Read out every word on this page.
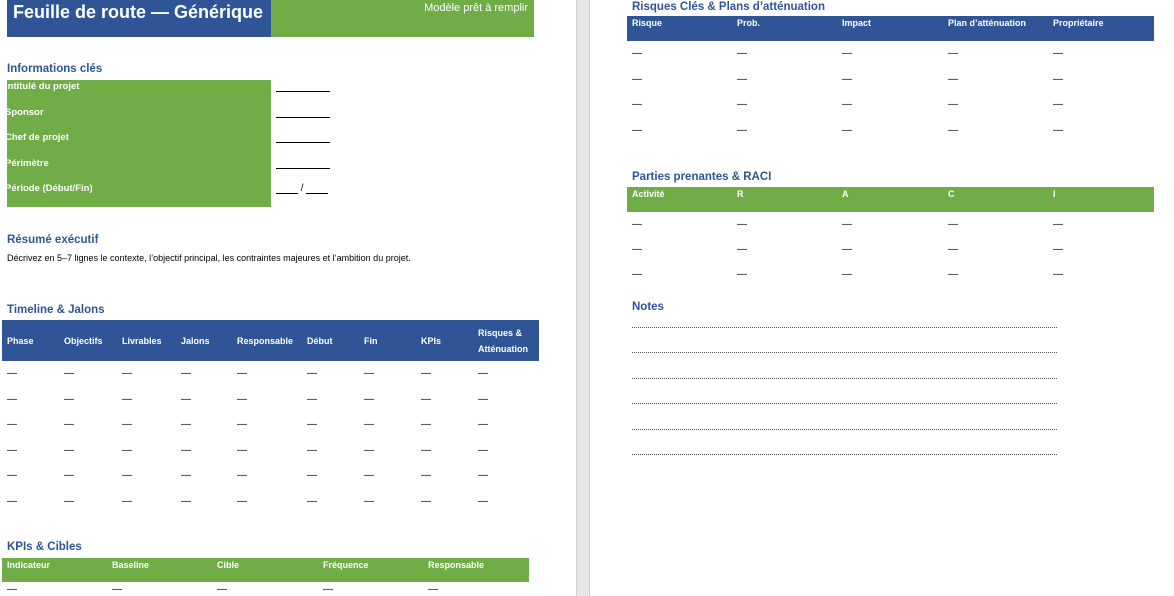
Feuille de route — Générique	Modèle prêt à remplir
Informations clés
Intitulé du projet
Sponsor
Chef de projet
Périmètre
Période (Début/Fin)	/
Résumé exécutif
Décrivez en 5–7 lignes le contexte, l’objectif principal, les contraintes majeures et l’ambition du projet.
Timeline & Jalons
Phase	Objectifs	Livrables	Jalons	Responsable	Début	Fin	KPIs	Risques & Atténuation
—	—	—	—	—	—	—	—	—
—	—	—	—	—	—	—	—	—
—	—	—	—	—	—	—	—	—
—	—	—	—	—	—	—	—	—
—	—	—	—	—	—	—	—	—
—	—	—	—	—	—	—	—	—
KPIs & Cibles
Indicateur	Baseline	Cible	Fréquence	Responsable
—	—	—	—	—
Risques Clés & Plans d’atténuation
Risque	Prob.	Impact	Plan d’atténuation	Propriétaire
—	—	—	—	—
—	—	—	—	—
—	—	—	—	—
—	—	—	—	—
Parties prenantes & RACI
Activité	R	A	C	I
—	—	—	—	—
—	—	—	—	—
—	—	—	—	—
Notes
